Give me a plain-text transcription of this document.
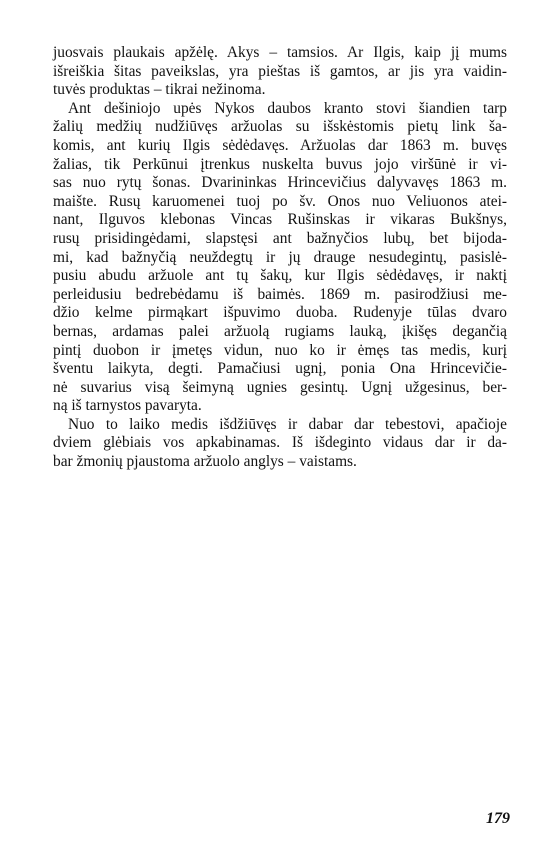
juosvais plaukais apžėlę. Akys – tamsios. Ar Ilgis, kaip jį mums
išreiškia šitas paveikslas, yra pieštas iš gamtos, ar jis yra vaidin-
tuvės produktas – tikrai nežinoma.

Ant dešiniojo upės Nykos daubos kranto stovi šiandien tarp
žalių medžių nudžiūvęs aržuolas su išskėstomis pietų link ša-
komis, ant kurių Ilgis sėdėdavęs. Aržuolas dar 1863 m. buvęs
žalias, tik Perkūnui įtrenkus nuskelta buvus jojo viršūnė ir vi-
sas nuo rytų šonas. Dvarininkas Hrincevičius dalyvavęs 1863 m.
maište. Rusų karuomenei tuoj po šv. Onos nuo Veliuonos atei-
nant, Ilguvos klebonas Vincas Rušinskas ir vikaras Bukšnys,
rusų prisidingėdami, slapstęsi ant bažnyčios lubų, bet bijoda-
mi, kad bažnyčią neuždegtų ir jų drauge nesudegintų, pasislė-
pusiu abudu aržuole ant tų šakų, kur Ilgis sėdėdavęs, ir naktį
perleidusiu bedrebėdamu iš baimės. 1869 m. pasirodžiusi me-
džio kelme pirmąkart išpuvimo duoba. Rudenyje tūlas dvaro
bernas, ardamas palei aržuolą rugiams lauką, įkišęs degančią
pintį duobon ir įmetęs vidun, nuo ko ir ėmęs tas medis, kurį
šventu laikyta, degti. Pamačiusi ugnį, ponia Ona Hrincevičie-
nė suvarius visą šeimyną ugnies gesintų. Ugnį užgesinus, ber-
ną iš tarnystos pavaryta.

Nuo to laiko medis išdžiūvęs ir dabar dar tebestovi, apačioje
dviem glėbiais vos apkabinamas. Iš išdeginto vidaus dar ir da-
bar žmonių pjaustoma aržuolo anglys – vaistams.

179
